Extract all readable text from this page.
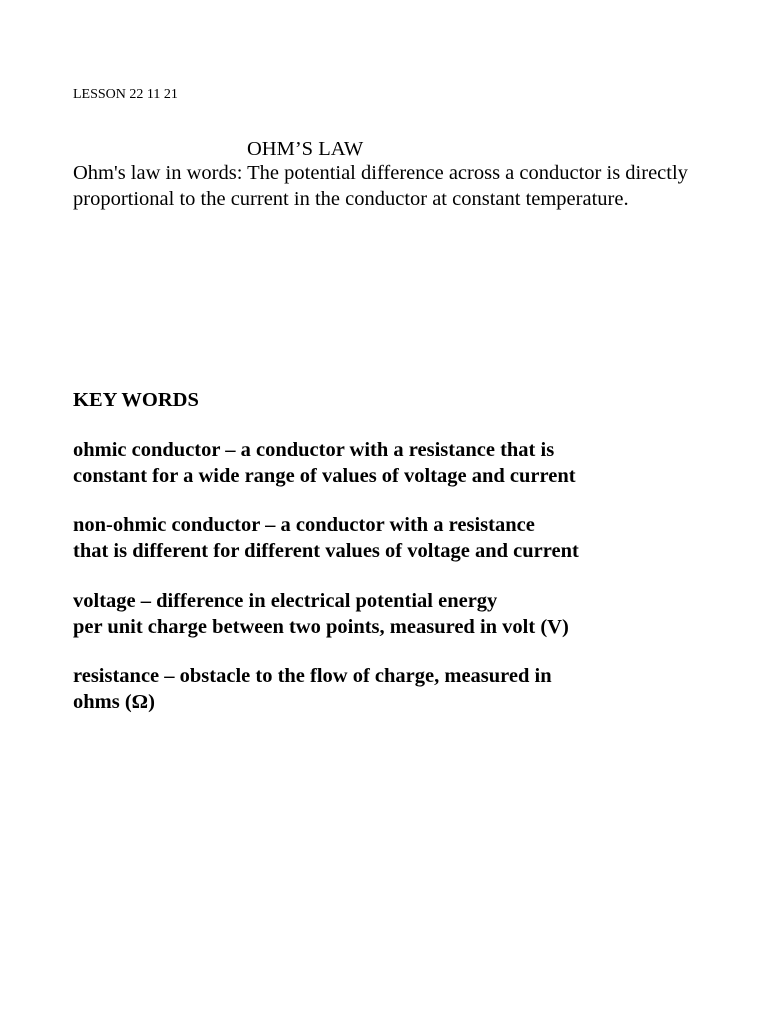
LESSON 22 11 21
OHM’S LAW
Ohm's law in words: The potential difference across a conductor is directly proportional to the current in the conductor at constant temperature.
KEY WORDS
ohmic conductor – a conductor with a resistance that is
constant for a wide range of values of voltage and current
non-ohmic conductor – a conductor with a resistance
that is different for different values of voltage and current
voltage – difference in electrical potential energy
per unit charge between two points, measured in volt (V)
resistance – obstacle to the flow of charge, measured in
ohms (Ω)
